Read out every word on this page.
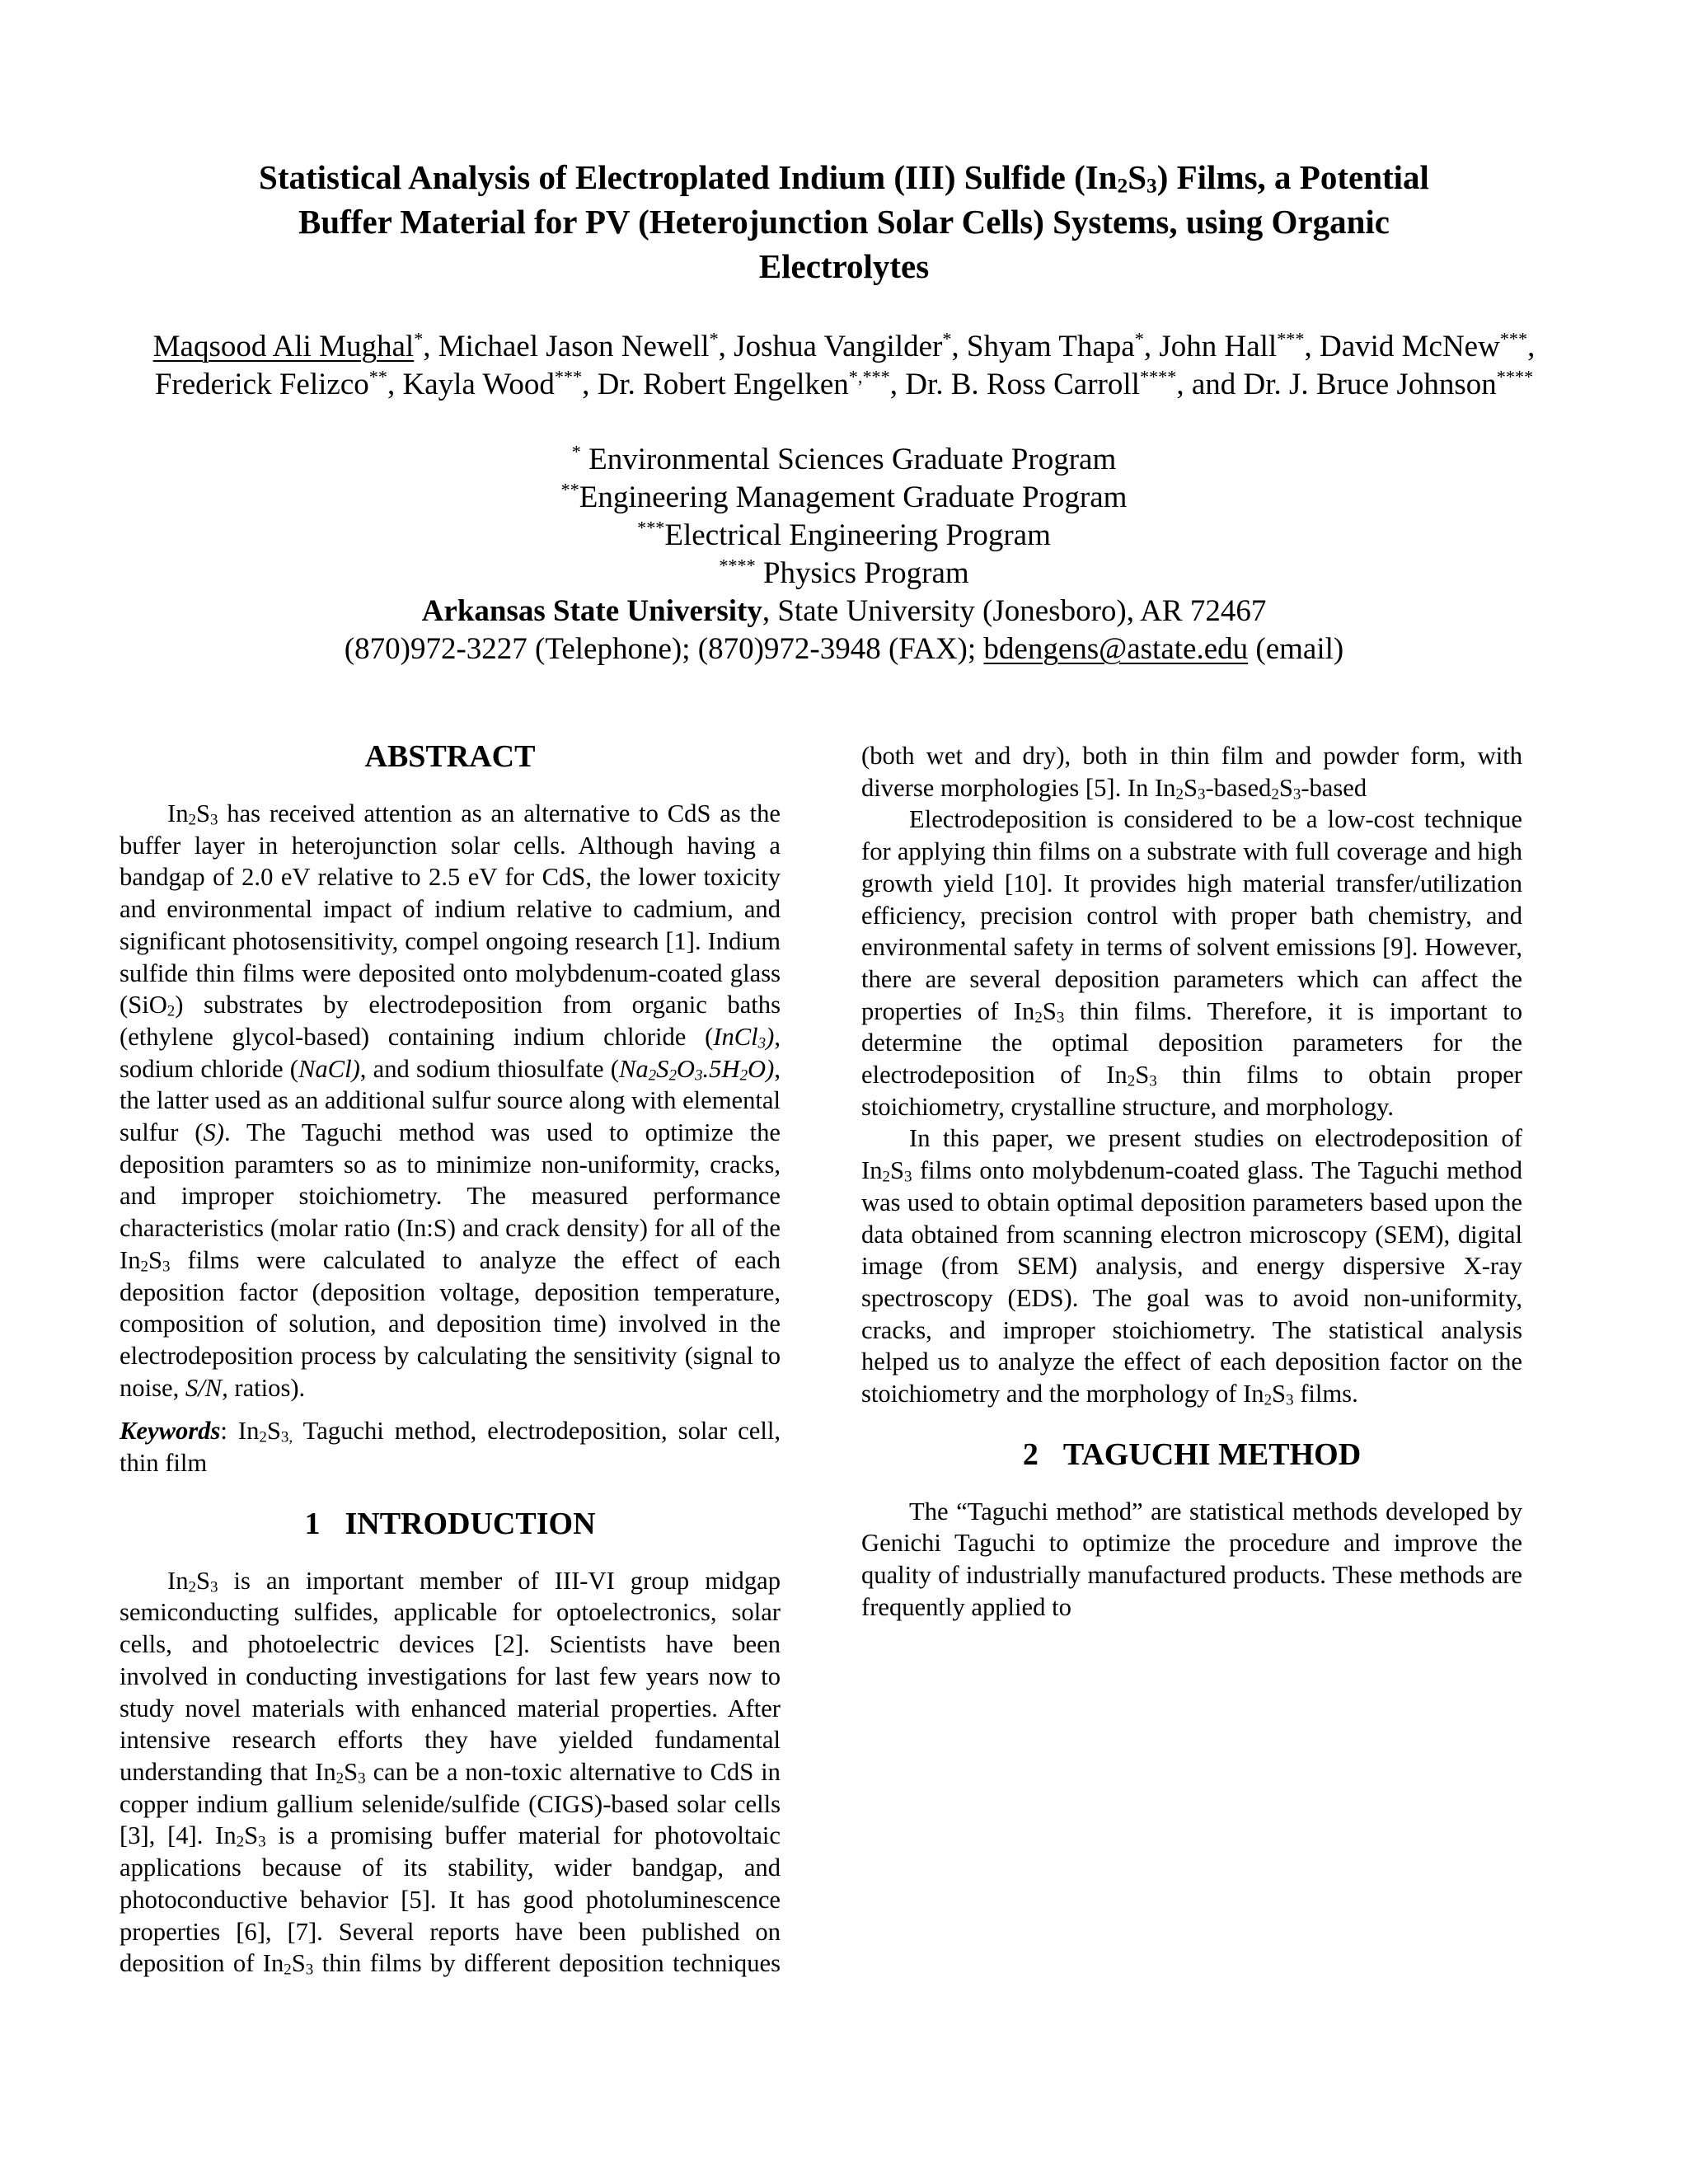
Statistical Analysis of Electroplated Indium (III) Sulfide $(In_2S_3)$ Films, a Potential
Buffer Material for PV (Heterojunction Solar Cells) Systems, using Organic
Electrolytes
Maqsood Ali Mughal*, Michael Jason Newell*, Joshua Vangilder*, Shyam Thapa*, John Hall***, David McNew***, Frederick Felizco**, Kayla Wood***, Dr. Robert Engelken*,***, Dr. B. Ross Carroll****, and Dr. J. Bruce Johnson****
* Environmental Sciences Graduate Program
**Engineering Management Graduate Program
***Electrical Engineering Program
**** Physics Program
Arkansas State University, State University (Jonesboro), AR 72467
(870)972-3227 (Telephone); (870)972-3948 (FAX); bdengens@astate.edu (email)
ABSTRACT

$In_2S_3$ has received attention as an alternative to CdS as the buffer layer in heterojunction solar cells. Although having a bandgap of 2.0 eV relative to 2.5 eV for CdS, the lower toxicity and environmental impact of indium relative to cadmium, and significant photosensitivity, compel ongoing research [1]. Indium sulfide thin films were deposited onto molybdenum-coated glass (SiO$_2$) substrates by electrodeposition from organic baths (ethylene glycol-based) containing indium chloride (InCl$_3$), sodium chloride (NaCl), and sodium thiosulfate $(Na_2S_2O_3.5H_2O)$, the latter used as an additional sulfur source along with elemental sulfur (S). The Taguchi method was used to optimize the deposition paramters so as to minimize non-uniformity, cracks, and improper stoichiometry. The measured performance characteristics (molar ratio (In:S) and crack density) for all of the $In_2S_3$ films were calculated to analyze the effect of each deposition factor (deposition voltage, deposition temperature, composition of solution, and deposition time) involved in the electrodeposition process by calculating the sensitivity (signal to noise, S/N, ratios).

Keywords: $In_2S_{3,}$ Taguchi method, electrodeposition, solar cell, thin film

1 INTRODUCTION

$In_2S_3$ is an important member of III-VI group midgap semiconducting sulfides, applicable for optoelectronics, solar cells, and photoelectric devices [2]. Scientists have been involved in conducting investigations for last few years now to study novel materials with enhanced material properties. After intensive research efforts they have yielded fundamental understanding that $In_2S_3$ can be a non-toxic alternative to CdS in copper indium gallium selenide/sulfide (CIGS)-based solar cells [3], [4]. $In_2S_3$ is a promising buffer material for photovoltaic applications because of its stability, wider bandgap, and photoconductive behavior [5]. It has good photoluminescence properties [6], [7]. Several reports have been published on deposition of $In_2S_3$ thin films by different deposition techniques

(both wet and dry), both in thin film and powder form, with diverse morphologies [5]. In $In_2S_3-based_2S_3$-based

Electrodeposition is considered to be a low-cost technique for applying thin films on a substrate with full coverage and high growth yield [10]. It provides high material transfer/utilization efficiency, precision control with proper bath chemistry, and environmental safety in terms of solvent emissions [9]. However, there are several deposition parameters which can affect the properties of $In_2S_3$ thin films. Therefore, it is important to determine the optimal deposition parameters for the electrodeposition of $In_2S_3$ thin films to obtain proper stoichiometry, crystalline structure, and morphology.

In this paper, we present studies on electrodeposition of $In_2S_3$ films onto molybdenum-coated glass. The Taguchi method was used to obtain optimal deposition parameters based upon the data obtained from scanning electron microscopy (SEM), digital image (from SEM) analysis, and energy dispersive X-ray spectroscopy (EDS). The goal was to avoid non-uniformity, cracks, and improper stoichiometry. The statistical analysis helped us to analyze the effect of each deposition factor on the stoichiometry and the morphology of $In_2S_3$ films.

2 TAGUCHI METHOD

The “Taguchi method” are statistical methods developed by Genichi Taguchi to optimize the procedure and improve the quality of industrially manufactured products. These methods are frequently applied to
